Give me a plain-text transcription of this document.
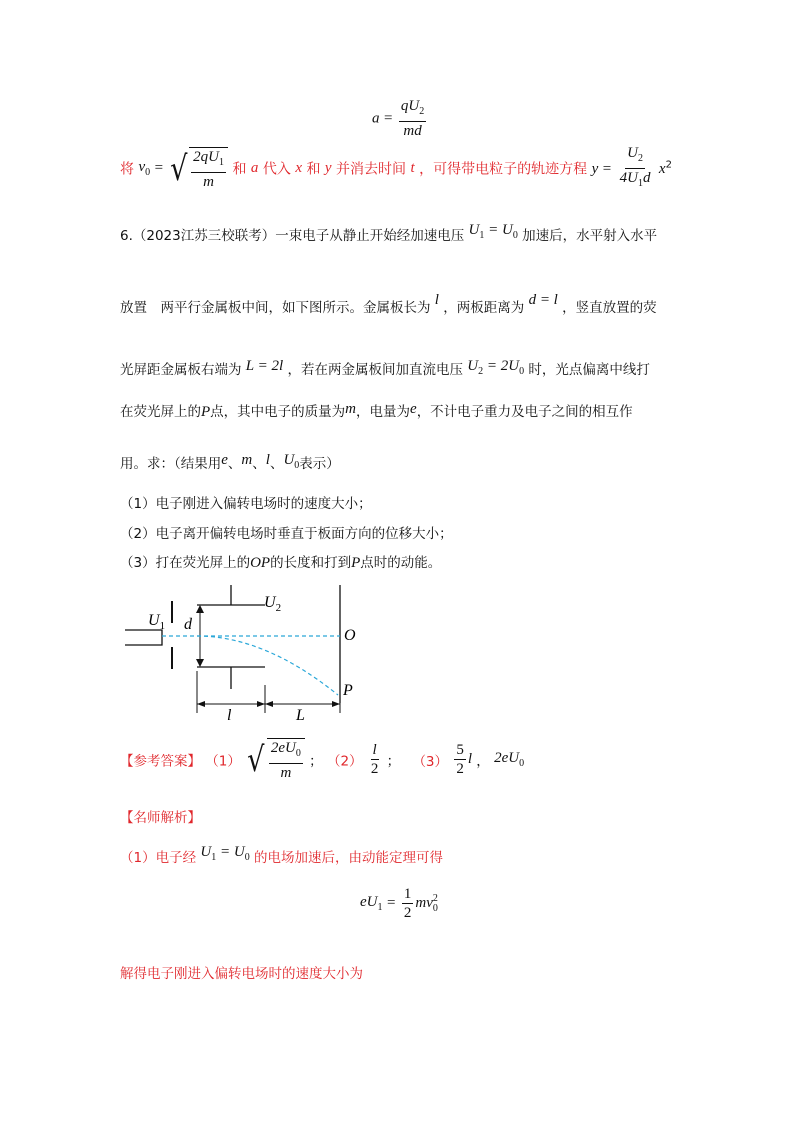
$a = \frac{qU_2}{md}$
将 $v_0$ = √ $\frac{2qU_1}{m}$ 和 a 代入 x 和 y 并消去时间 t ，可得带电粒子的轨迹方程 $y = \frac{U_2}{4U_1d} x^2$
6.（2023江苏三校联考）一束电子从静止开始经加速电压 $U_1 = U_0$ 加速后，水平射入水平
放置　两平行金属板中间，如下图所示。金属板长为 l ，两板距离为 d = l ，竖直放置的荧
光屏距金属板右端为 L = 2l ，若在两金属板间加直流电压 $U_2 = 2U_0$ 时，光点偏离中线打
在荧光屏上的P点，其中电子的质量为m，电量为e，不计电子重力及电子之间的相互作
用。求：（结果用e、m、l、$U_0$表示）
（1）电子刚进入偏转电场时的速度大小；
（2）电子离开偏转电场时垂直于板面方向的位移大小；
（3）打在荧光屏上的OP的长度和打到P点时的动能。
$U_1$
$U_2$
d
O
P
l	L
【参考答案】 （1） √ $\frac{2eU_0}{m}$ ； $(2) \frac{l}{2}$ ； $(3) \frac{5}{2}$ l ， $2eU_0$
【名师解析】
（1）电子经 $U_1 = U_0$ 的电场加速后，由动能定理可得
$eU_1 = \frac{1}{2}$ mv 2
0
解得电子刚进入偏转电场时的速度大小为
